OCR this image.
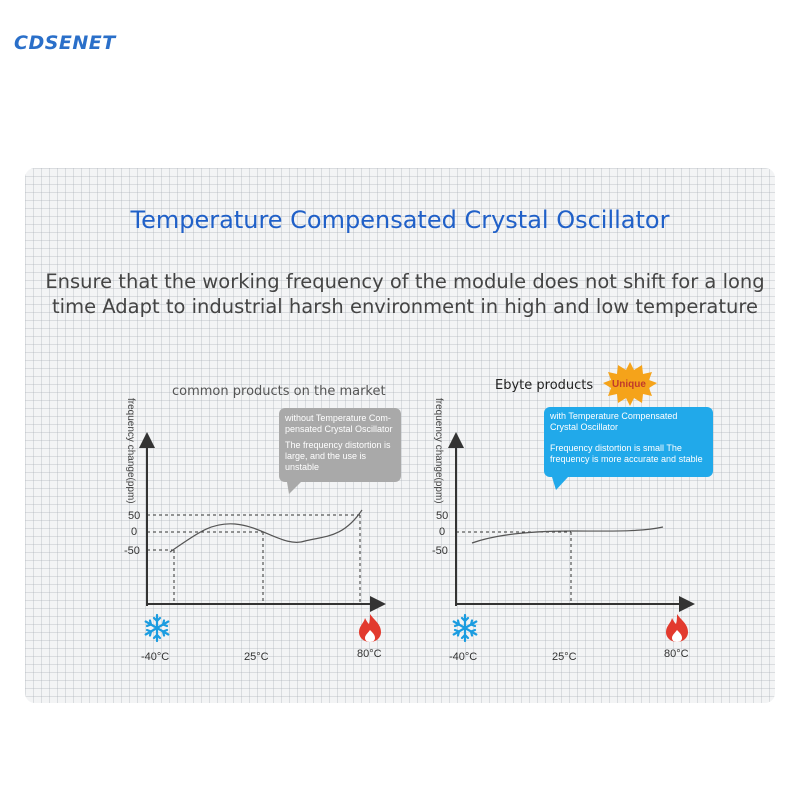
CDSENET
Temperature Compensated Crystal Oscillator
Ensure that the working frequency of the module does not shift for a long
time Adapt to industrial harsh environment in high and low temperature
common products on the market
frequency change(ppm)
50
0
-50
-40°C	25°C	80°C
without Temperature Com-pensated Crystal Oscillator
The frequency distortion is large, and the use is unstable
Ebyte products
frequency change(ppm)
50
0
-50
-40°C	25°C	80°C
with Temperature Compensated Crystal Oscillator
Frequency distortion is small The frequency is more accurate and stable
Unique
